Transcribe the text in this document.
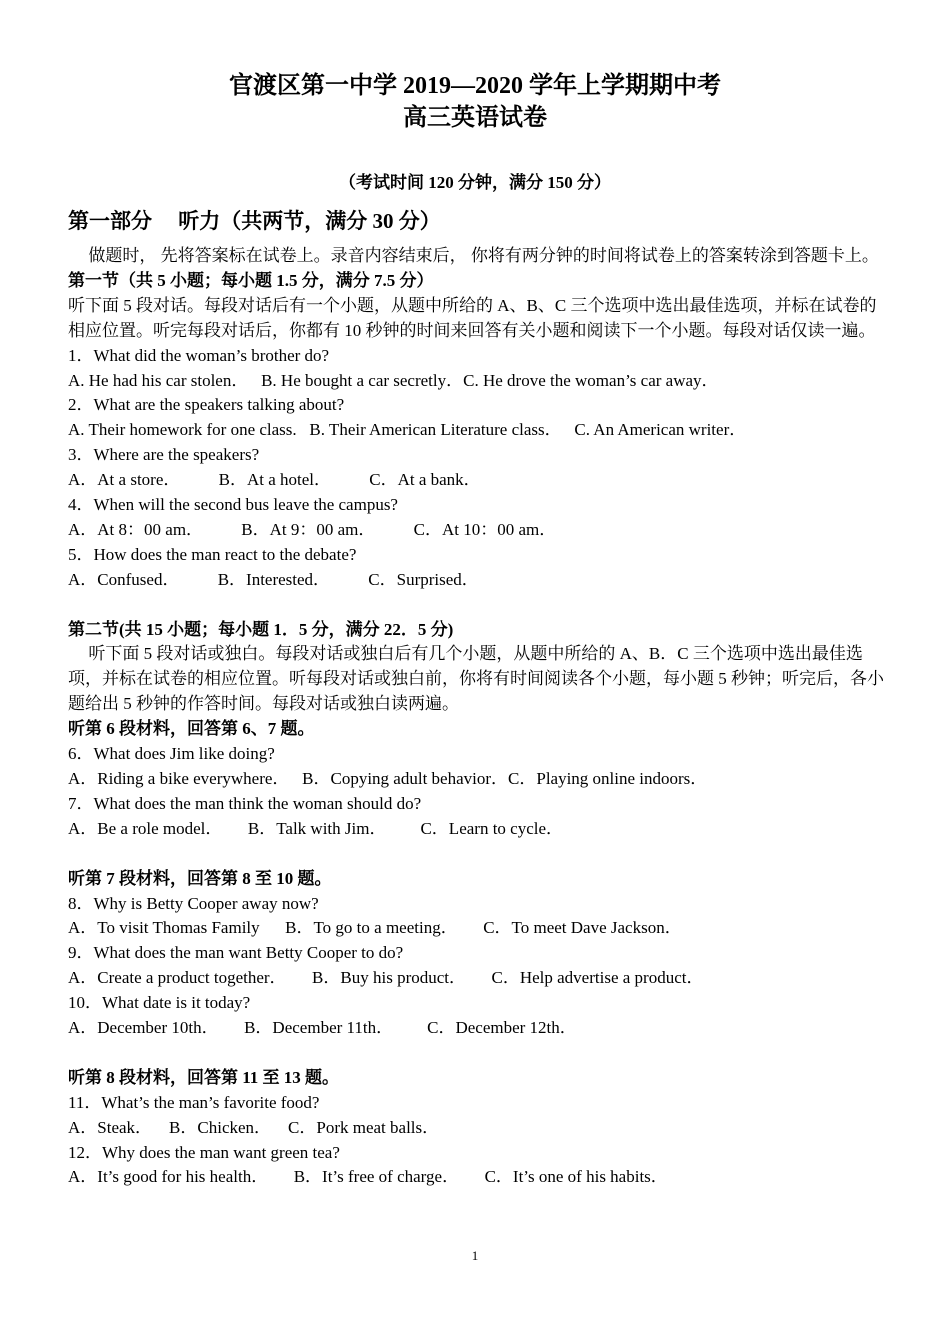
官渡区第一中学 2019—2020 学年上学期期中考
高三英语试卷
（考试时间 120 分钟，满分 150 分）
第一部分　 听力（共两节，满分 30 分）

做题时， 先将答案标在试卷上。录音内容结束后， 你将有两分钟的时间将试卷上的答案转涂到答题卡上。

第一节（共 5 小题；每小题 1.5 分，满分 7.5 分）

听下面 5 段对话。每段对话后有一个小题，从题中所给的 A、B、C 三个选项中选出最佳选项，并标在试卷的相应位置。听完每段对话后，你都有 10 秒钟的时间来回答有关小题和阅读下一个小题。每段对话仅读一遍。

1．What did the woman’s brother do?

A. He had his car stolen．   B. He bought a car secretly．C. He drove the woman’s car away．

2．What are the speakers talking about?

A. Their homework for one class.   B. Their American Literature class．   C. An American writer．

3．Where are the speakers?

A．At a store．         B．At a hotel．         C．At a bank．

4．When will the second bus leave the campus?

A．At 8：00 am．         B．At 9：00 am．         C．At 10：00 am．

5．How does the man react to the debate?

A．Confused．         B．Interested．         C．Surprised．

第二节(共 15 小题；每小题 1．5 分，满分 22．5 分)

听下面 5 段对话或独白。每段对话或独白后有几个小题，从题中所给的 A、B．C 三个选项中选出最佳选项，并标在试卷的相应位置。听每段对话或独白前，你将有时间阅读各个小题，每小题 5 秒钟；听完后，各小题给出 5 秒钟的作答时间。每段对话或独白读两遍。

听第 6 段材料，回答第 6、7 题。

6．What does Jim like doing?

A．Riding a bike everywhere．   B．Copying adult behavior．C．Playing online indoors．

7．What does the man think the woman should do?

A．Be a role model．      B．Talk with Jim．        C．Learn to cycle．

听第 7 段材料，回答第 8 至 10 题。

8．Why is Betty Cooper away now?

A．To visit Thomas Family      B．To go to a meeting．      C．To meet Dave Jackson．

9．What does the man want Betty Cooper to do?

A．Create a product together．      B．Buy his product．      C．Help advertise a product．

10．What date is it today?

A．December 10th．      B．December 11th．        C．December 12th．

听第 8 段材料，回答第 11 至 13 题。

11．What’s the man’s favorite food?

A．Steak．    B．Chicken．    C．Pork meat balls．

12．Why does the man want green tea?

A．It’s good for his health．      B．It’s free of charge．      C．It’s one of his habits．

1
